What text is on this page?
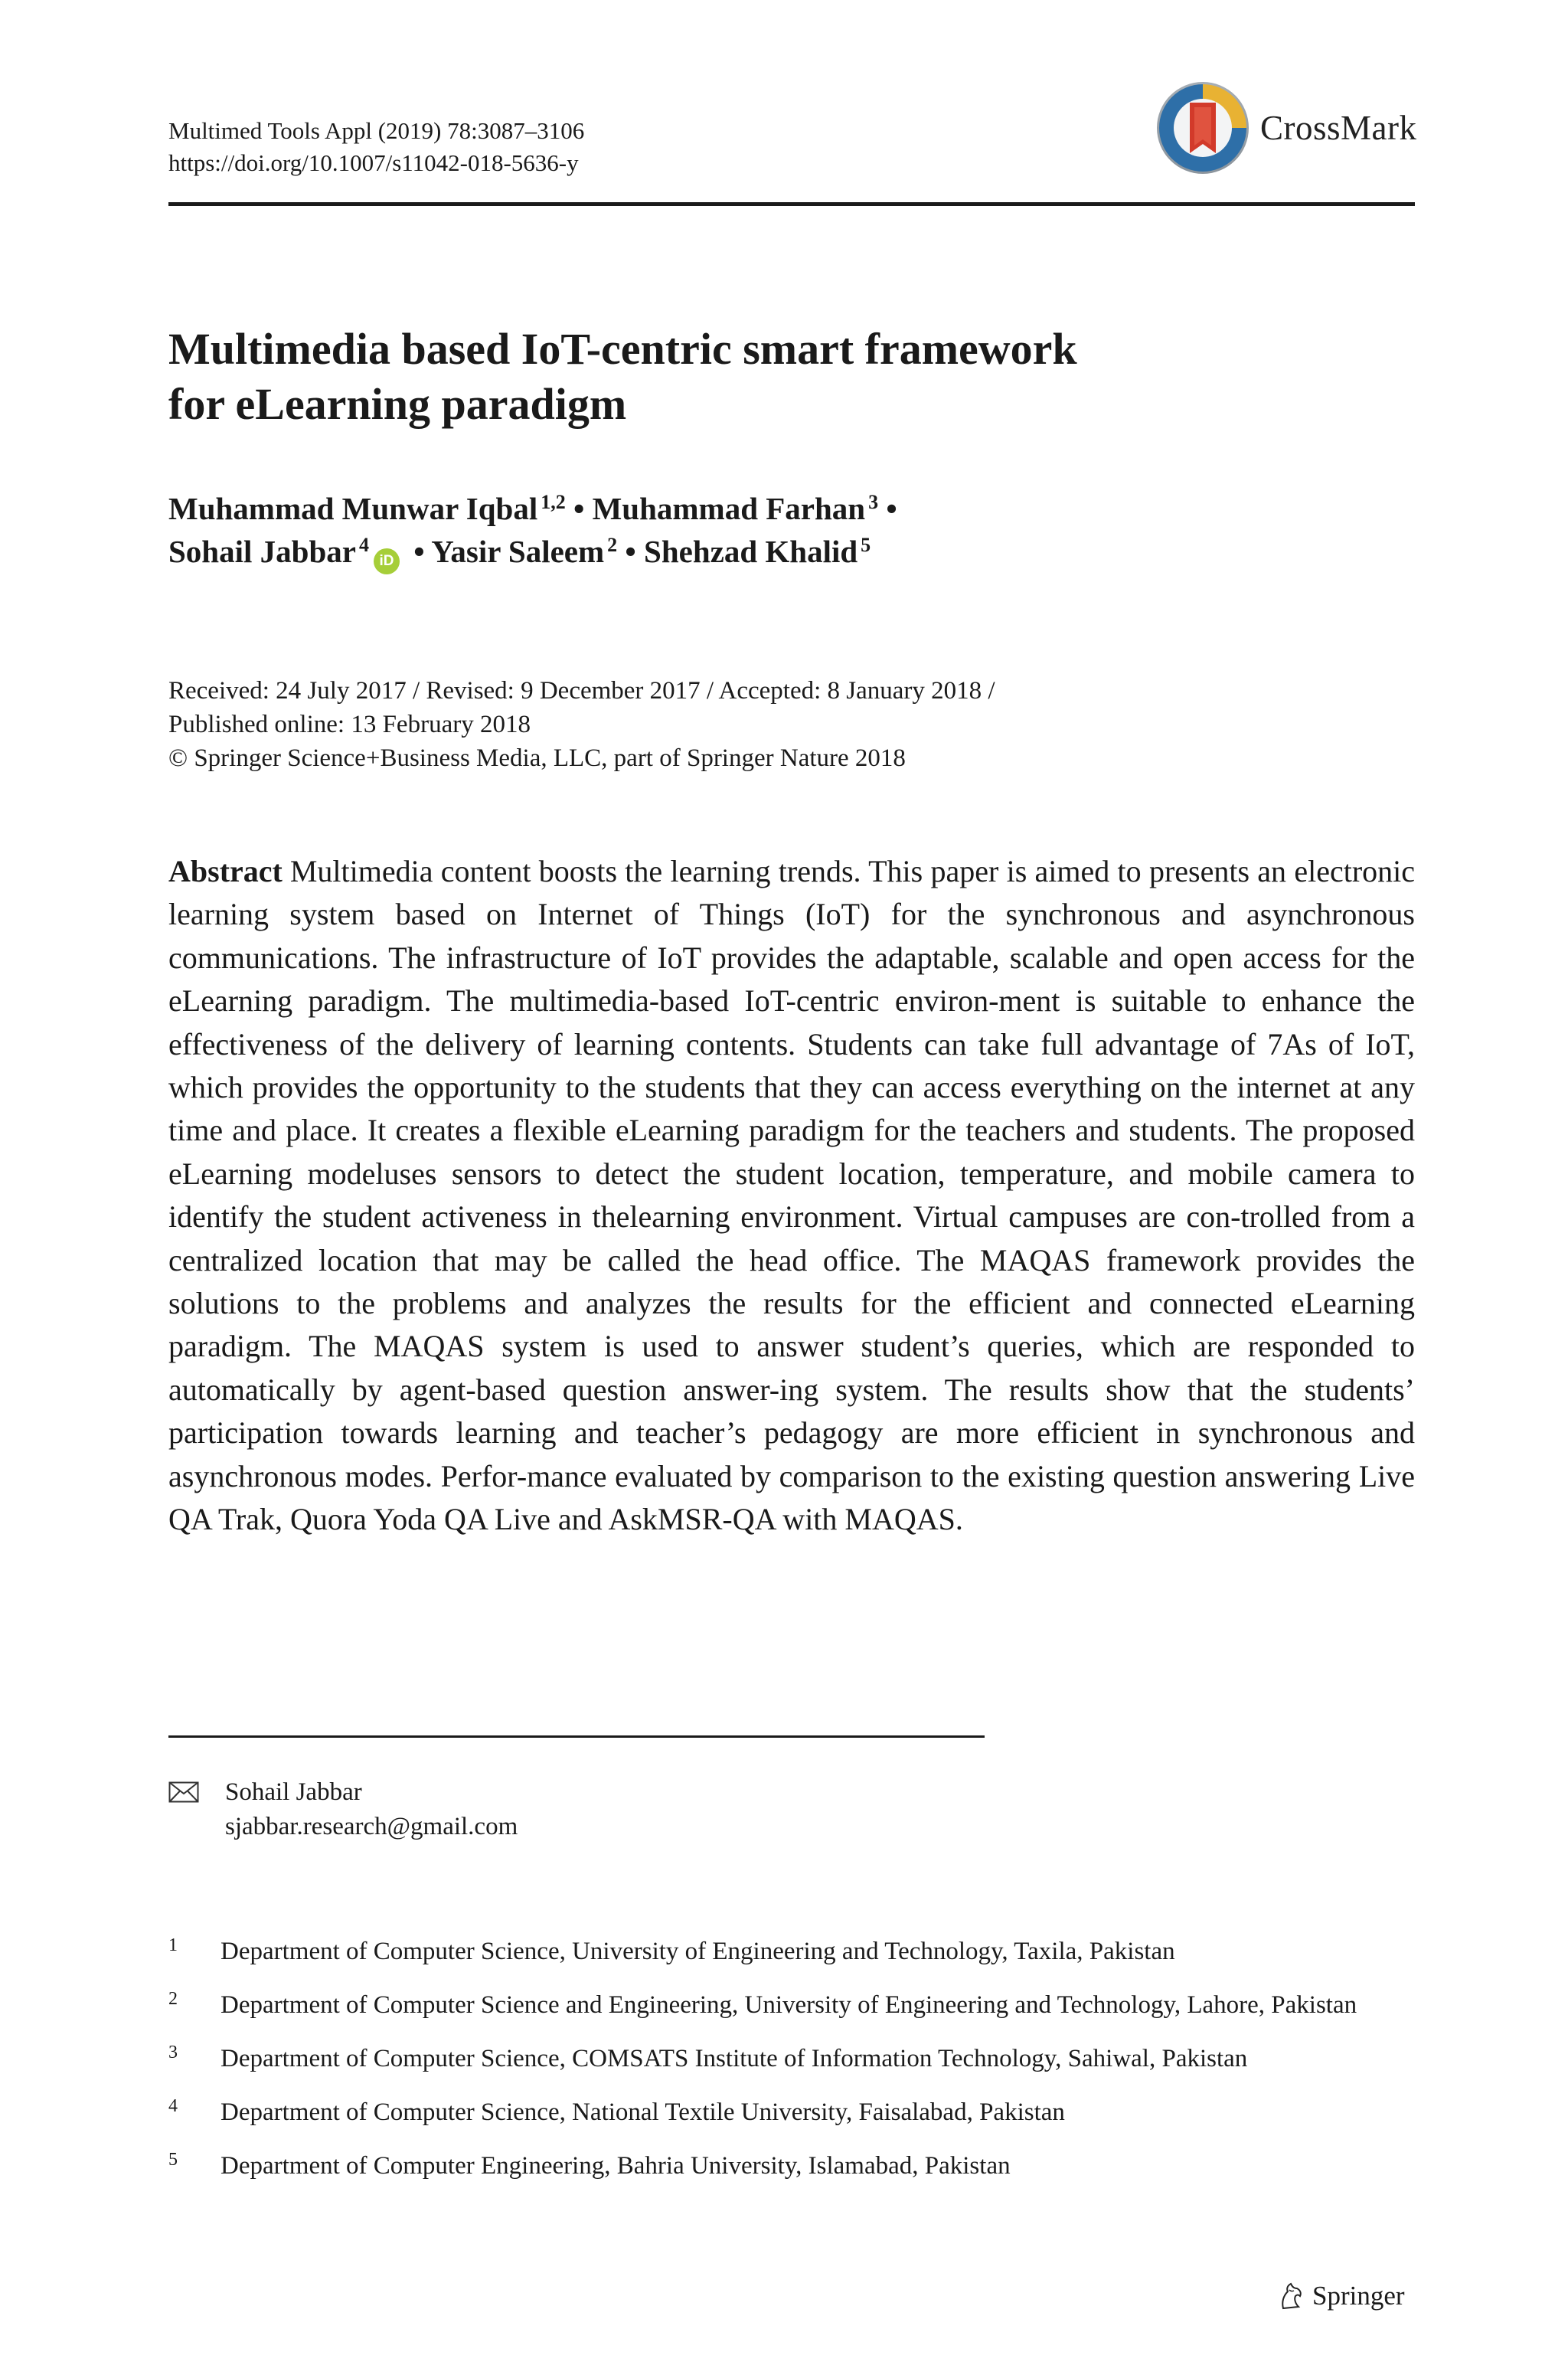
Multimed Tools Appl (2019) 78:3087–3106
https://doi.org/10.1007/s11042-018-5636-y
CrossMark
Multimedia based IoT-centric smart framework
for eLearning paradigm
Muhammad Munwar Iqbal $^{1,2}$ • Muhammad Farhan $^3$ •
Sohail Jabbar $^4$iD • Yasir Saleem $^2$ • Shehzad Khalid $^5$
Received: 24 July 2017 / Revised: 9 December 2017 / Accepted: 8 January 2018 /
Published online: 13 February 2018
© Springer Science+Business Media, LLC, part of Springer Nature 2018
Abstract Multimedia content boosts the learning trends. This paper is aimed to presents an electronic learning system based on Internet of Things (IoT) for the synchronous and asynchronous communications. The infrastructure of IoT provides the adaptable, scalable and open access for the eLearning paradigm. The multimedia-based IoT-centric environ-ment is suitable to enhance the effectiveness of the delivery of learning contents. Students can take full advantage of 7As of IoT, which provides the opportunity to the students that they can access everything on the internet at any time and place. It creates a flexible eLearning paradigm for the teachers and students. The proposed eLearning modeluses sensors to detect the student location, temperature, and mobile camera to identify the student activeness in thelearning environment. Virtual campuses are con-trolled from a centralized location that may be called the head office. The MAQAS framework provides the solutions to the problems and analyzes the results for the efficient and connected eLearning paradigm. The MAQAS system is used to answer student’s queries, which are responded to automatically by agent-based question answer-ing system. The results show that the students’ participation towards learning and teacher’s pedagogy are more efficient in synchronous and asynchronous modes. Perfor-mance evaluated by comparison to the existing question answering Live QA Trak, Quora Yoda QA Live and AskMSR-QA with MAQAS.
Sohail Jabbar
sjabbar.research@gmail.com
1 Department of Computer Science, University of Engineering and Technology, Taxila, Pakistan
2 Department of Computer Science and Engineering, University of Engineering and Technology, Lahore, Pakistan
3 Department of Computer Science, COMSATS Institute of Information Technology, Sahiwal, Pakistan
4 Department of Computer Science, National Textile University, Faisalabad, Pakistan
5 Department of Computer Engineering, Bahria University, Islamabad, Pakistan
Springer
